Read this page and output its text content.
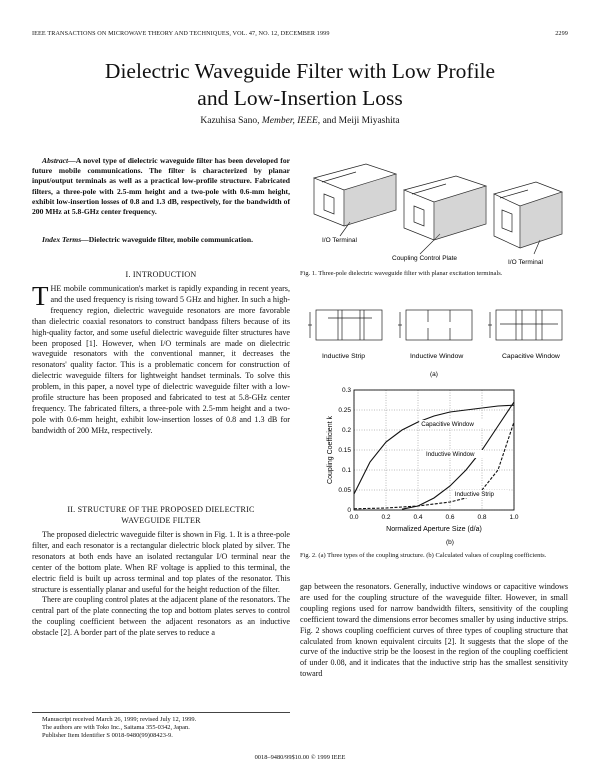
IEEE TRANSACTIONS ON MICROWAVE THEORY AND TECHNIQUES, VOL. 47, NO. 12, DECEMBER 1999	2299
Dielectric Waveguide Filter with Low Profile
and Low-Insertion Loss
Kazuhisa Sano, Member, IEEE, and Meiji Miyashita

Abstract—A novel type of dielectric waveguide filter has been developed for future mobile communications. The filter is characterized by planar input/output terminals as well as a practical low-profile structure. Fabricated filters, a three-pole with 2.5-mm height and a two-pole with 0.6-mm height, exhibit low-insertion losses of 0.8 and 1.3 dB, respectively, for the bandwidth of 200 MHz at 5.8-GHz center frequency.

Index Terms—Dielectric waveguide filter, mobile communication.

I. INTRODUCTION

THE mobile communication's market is rapidly expanding in recent years, and the used frequency is rising toward 5 GHz and higher. In such a high-frequency region, dielectric waveguide resonators are more favorable than dielectric coaxial resonators to construct bandpass filters because of its high-quality factor, and some useful dielectric waveguide filter structures have been proposed [1]. However, when I/O terminals are made on dielectric waveguide resonators with the conventional manner, it decreases the resonators' quality factor. This is a problematic concern for construction of dielectric waveguide filters for lightweight handset terminals. To solve this problem, in this paper, a novel type of dielectric waveguide filter with a low-profile structure has been proposed and fabricated to test at 5.8-GHz center frequency. The fabricated filters, a three-pole with 2.5-mm height and a two-pole with 0.6-mm height, exhibit low-insertion losses of 0.8 and 1.3 dB for bandwidth of 200 MHz, respectively.

II. STRUCTURE OF THE PROPOSED DIELECTRIC
WAVEGUIDE FILTER

The proposed dielectric waveguide filter is shown in Fig. 1. It is a three-pole filter, and each resonator is a rectangular dielectric block plated by silver. The resonators at both ends have an isolated rectangular I/O terminal near the center of the bottom plate. When RF voltage is applied to this terminal, the electric field is built up across terminal and top plates of the resonator. This structure is essentially planar and useful for the height reduction of the filter.

There are coupling control plates at the adjacent plane of the resonators. The central part of the plate connecting the top and bottom plates serves to control the coupling coefficient between the adjacent resonators as an inductive obstacle [2]. A border part of the plate serves to reduce a

Manuscript received March 26, 1999; revised July 12, 1999.
The authors are with Toko Inc., Saitama 355-0342, Japan.
Publisher Item Identifier S 0018-9480(99)08423-9.
I/O Terminal
Coupling Control Plate
I/O Terminal
Fig. 1. Three-pole dielectric waveguide filter with planar excitation terminals.
Inductive Strip	Inductive Window	Capacitive Window
(a)
0.0	0.2	0.4	0.6	0.8	1.0
0
0.05
0.1
0.15
0.2
0.25
0.3
Normalized Aperture Size (d/a)
Coupling Coefficient k	Capacitive Window
Inductive Window
Inductive Strip
(b)
Fig. 2. (a) Three types of the coupling structure. (b) Calculated values of coupling coefficients.

gap between the resonators. Generally, inductive windows or capacitive windows are used for the coupling structure of the waveguide filter. However, in small coupling regions used for narrow bandwidth filters, sensitivity of the coupling coefficient toward the dimensions error becomes smaller by using inductive strips. Fig. 2 shows coupling coefficient curves of three types of coupling structure that calculated from known equivalent circuits [2]. It suggests that the slope of the curve of the inductive strip be the loosest in the region of the coupling coefficient of under 0.08, and it indicates that the inductive strip has the smallest sensitivity toward

0018–9480/99$10.00 © 1999 IEEE
